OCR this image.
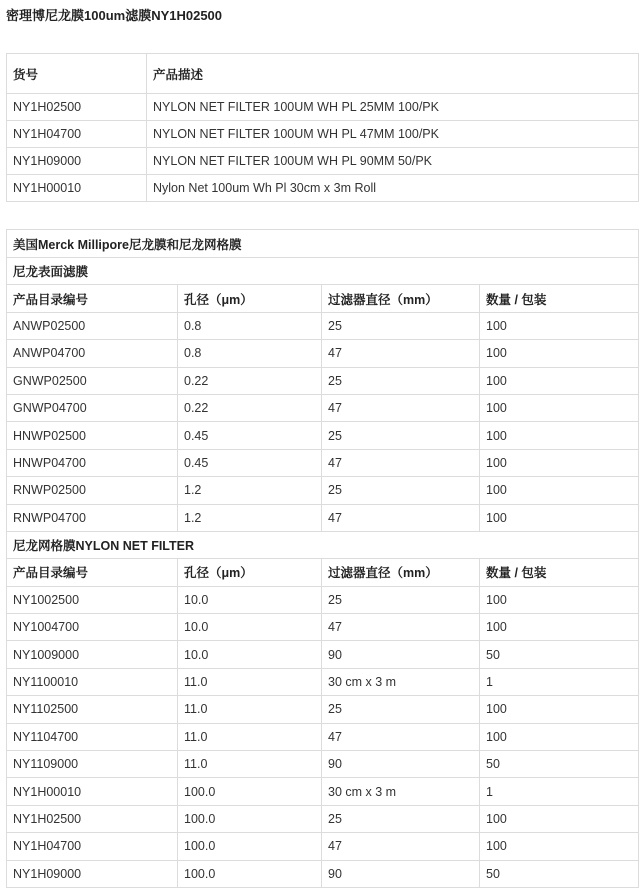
密理博尼龙膜100um滤膜NY1H02500
货号	产品描述
NY1H02500	NYLON NET FILTER 100UM WH PL 25MM 100/PK
NY1H04700	NYLON NET FILTER 100UM WH PL 47MM 100/PK
NY1H09000	NYLON NET FILTER 100UM WH PL 90MM 50/PK
NY1H00010	Nylon Net 100um Wh Pl 30cm x 3m Roll
美国Merck Millipore尼龙膜和尼龙网格膜			
尼龙表面滤膜			
产品目录编号	孔径（μm）	过滤器直径（mm）	数量 / 包装
ANWP02500	0.8	25	100
ANWP04700	0.8	47	100
GNWP02500	0.22	25	100
GNWP04700	0.22	47	100
HNWP02500	0.45	25	100
HNWP04700	0.45	47	100
RNWP02500	1.2	25	100
RNWP04700	1.2	47	100
尼龙网格膜NYLON NET FILTER			
产品目录编号	孔径（μm）	过滤器直径（mm）	数量 / 包装
NY1002500	10.0	25	100
NY1004700	10.0	47	100
NY1009000	10.0	90	50
NY1100010	11.0	30 cm x 3 m	1
NY1102500	11.0	25	100
NY1104700	11.0	47	100
NY1109000	11.0	90	50
NY1H00010	100.0	30 cm x 3 m	1
NY1H02500	100.0	25	100
NY1H04700	100.0	47	100
NY1H09000	100.0	90	50
